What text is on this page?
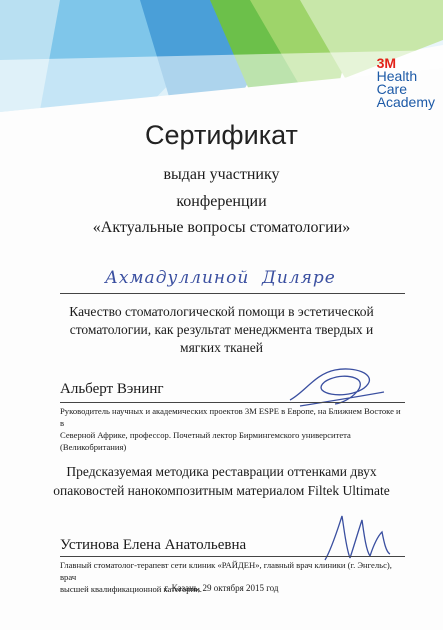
3M
Health
Care
Academy
Сертификат
выдан участнику
конференции
«Актуальные вопросы стоматологии»
Ахмадуллиной Диляре
Качество стоматологической помощи в эстетической
стоматологии, как результат менеджмента твердых и
мягких тканей
Альберт Вэнинг
Руководитель научных и академических проектов 3M ESPE в Европе, на Ближнем Востоке и в
Северной Африке, профессор. Почетный лектор Бирмингемского университета (Великобритания)
Предсказуемая методика реставрации оттенками двух
опаковостей нанокомпозитным материалом Filtek Ultimate
Устинова Елена Анатольевна
Главный стоматолог-терапевт сети клиник «РАЙДЕН», главный врач клиники (г. Энгельс), врач
высшей квалификационной категории.
г. Казань, 29 октября 2015 год
